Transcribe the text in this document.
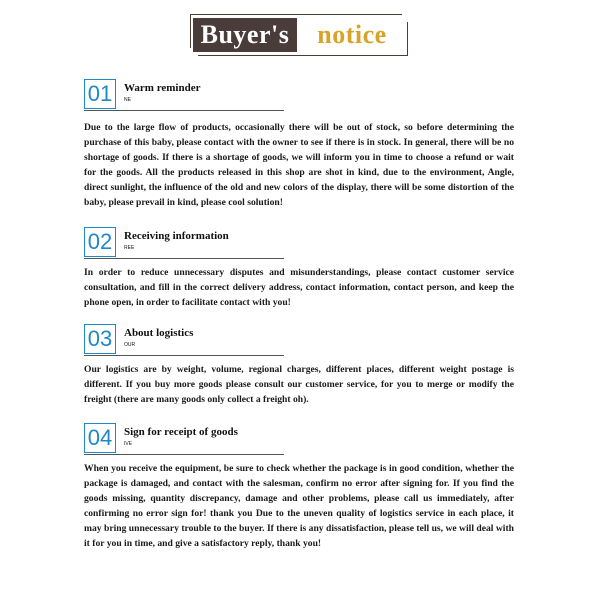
Buyer's	notice
01	Warm reminder
NE
Due to the large flow of products, occasionally there will be out of stock, so before determining the purchase of this baby, please contact with the owner to see if there is in stock. In general, there will be no shortage of goods. If there is a shortage of goods, we will inform you in time to choose a refund or wait for the goods. All the products released in this shop are shot in kind, due to the environment, Angle, direct sunlight, the influence of the old and new colors of the display, there will be some distortion of the baby, please prevail in kind, please cool solution!
02	Receiving information
REE
In order to reduce unnecessary disputes and misunderstandings, please contact customer service consultation, and fill in the correct delivery address, contact information, contact person, and keep the phone open, in order to facilitate contact with you!
03	About logistics
OUR
Our logistics are by weight, volume, regional charges, different places, different weight postage is different. If you buy more goods please consult our customer service, for you to merge or modify the freight (there are many goods only collect a freight oh).
04	Sign for receipt of goods
IVE
When you receive the equipment, be sure to check whether the package is in good condition, whether the package is damaged, and contact with the salesman, confirm no error after signing for. If you find the goods missing, quantity discrepancy, damage and other problems, please call us immediately, after confirming no error sign for! thank you Due to the uneven quality of logistics service in each place, it may bring unnecessary trouble to the buyer. If there is any dissatisfaction, please tell us, we will deal with it for you in time, and give a satisfactory reply, thank you!
